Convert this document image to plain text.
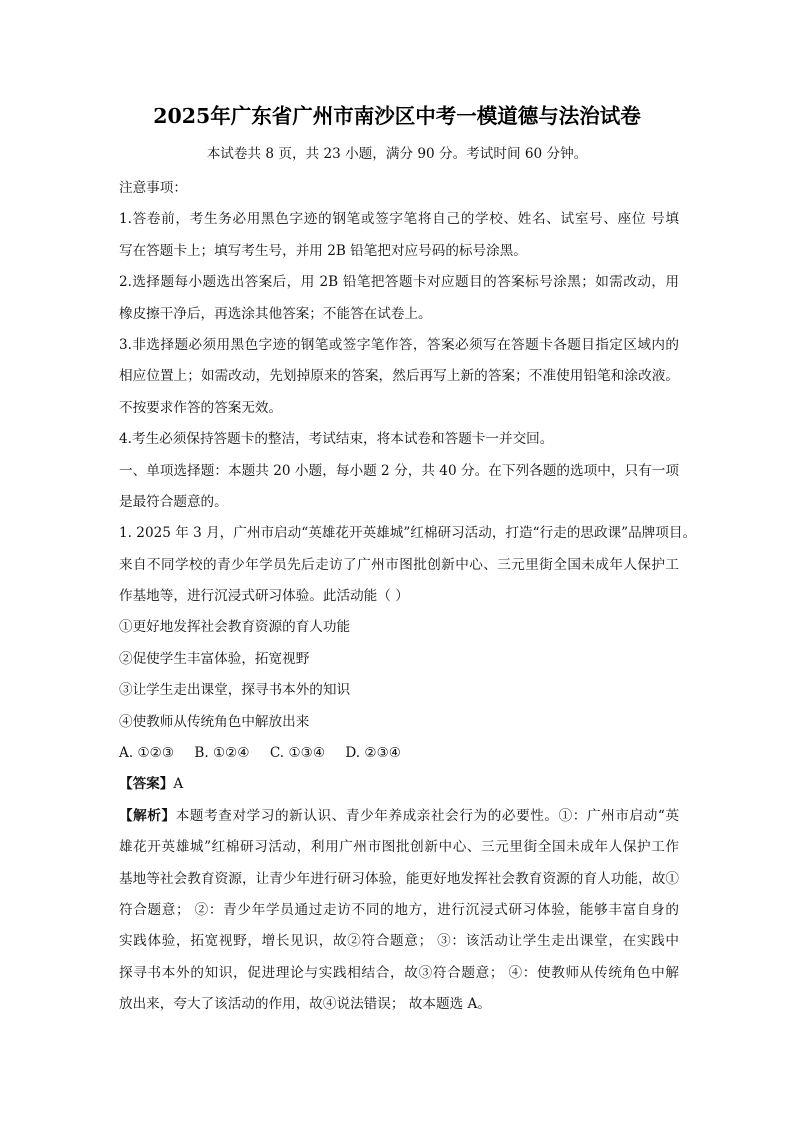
2025年广东省广州市南沙区中考一模道德与法治试卷
本试卷共 8 页，共 23 小题，满分 90 分。考试时间 60 分钟。
注意事项：
1.答卷前，考生务必用黑色字迹的钢笔或签字笔将自己的学校、姓名、试室号、座位 号填
写在答题卡上；填写考生号，并用 2B 铅笔把对应号码的标号涂黑。
2.选择题每小题选出答案后，用 2B 铅笔把答题卡对应题目的答案标号涂黑；如需改动，用
橡皮擦干净后，再选涂其他答案；不能答在试卷上。
3.非选择题必须用黑色字迹的钢笔或签字笔作答，答案必须写在答题卡各题目指定区域内的
相应位置上；如需改动，先划掉原来的答案，然后再写上新的答案；不准使用铅笔和涂改液。
不按要求作答的答案无效。
4.考生必须保持答题卡的整洁，考试结束，将本试卷和答题卡一并交回。
一、单项选择题：本题共 20 小题，每小题 2 分，共 40 分。在下列各题的选项中，只有一项
是最符合题意的。
1. 2025 年 3 月，广州市启动“英雄花开英雄城”红棉研习活动，打造“行走的思政课”品牌项目。
来自不同学校的青少年学员先后走访了广州市图批创新中心、三元里街全国未成年人保护工
作基地等，进行沉浸式研习体验。此活动能（ ）
①更好地发挥社会教育资源的育人功能
②促使学生丰富体验，拓宽视野
③让学生走出课堂，探寻书本外的知识
④使教师从传统角色中解放出来
A. ①②③ B. ①②④ C. ①③④ D. ②③④
【答案】A
【解析】本题考查对学习的新认识、青少年养成亲社会行为的必要性。①：广州市启动“英
雄花开英雄城”红棉研习活动，利用广州市图批创新中心、三元里街全国未成年人保护工作
基地等社会教育资源，让青少年进行研习体验，能更好地发挥社会教育资源的育人功能，故①
符合题意； ②：青少年学员通过走访不同的地方，进行沉浸式研习体验，能够丰富自身的
实践体验，拓宽视野，增长见识，故②符合题意； ③：该活动让学生走出课堂，在实践中
探寻书本外的知识，促进理论与实践相结合，故③符合题意； ④：使教师从传统角色中解
放出来，夸大了该活动的作用，故④说法错误； 故本题选 A。
